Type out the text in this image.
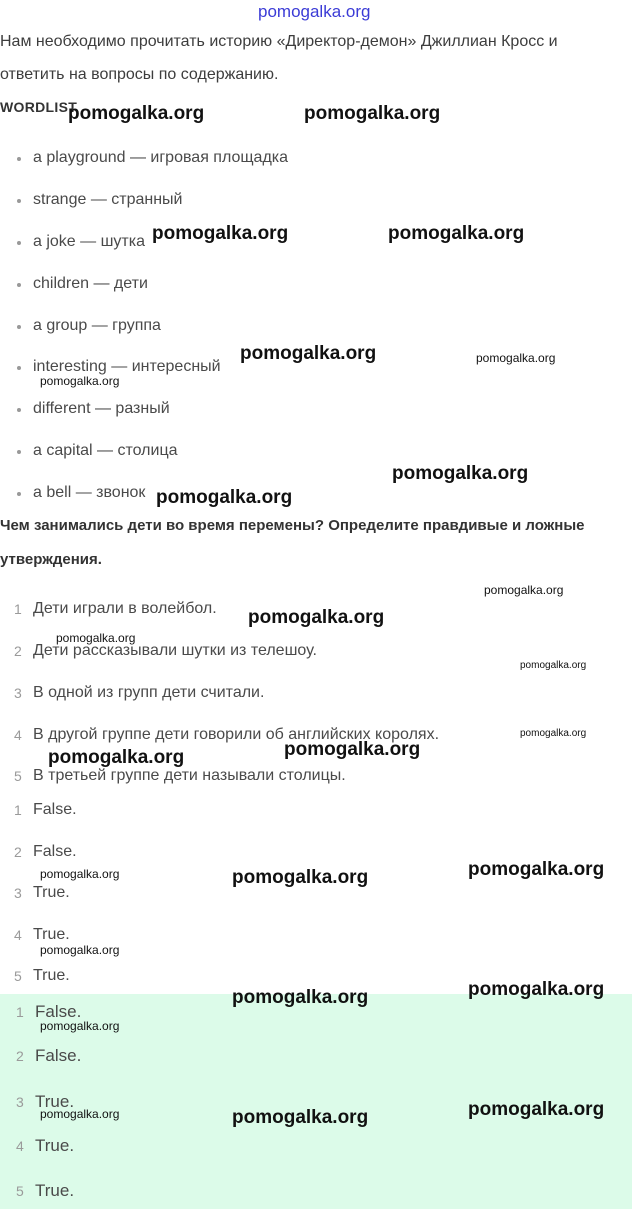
pomogalka.org
Нам необходимо прочитать историю «Директор-демон» Джиллиан Кросс и
ответить на вопросы по содержанию.
WORDLIST
a playground — игровая площадка
strange — странный
a joke — шутка
children — дети
a group — группа
interesting — интересный
different — разный
a capital — столица
a bell — звонок
Чем занимались дети во время перемены? Определите правдивые и ложные
утверждения.
1 Дети играли в волейбол.
2 Дети рассказывали шутки из телешоу.
3 В одной из групп дети считали.
4 В другой группе дети говорили об английских королях.
5 В третьей группе дети называли столицы.
1 False.
2 False.
3 True.
4 True.
5 True.
1 False.
2 False.
3 True.
4 True.
5 True.
pomogalka.org	pomogalka.org
pomogalka.org	pomogalka.org
pomogalka.org	pomogalka.org
pomogalka.org
pomogalka.org
pomogalka.org
pomogalka.org
pomogalka.org
pomogalka.org
pomogalka.org
pomogalka.org
pomogalka.org
pomogalka.org
pomogalka.org
pomogalka.org	pomogalka.org
pomogalka.org
pomogalka.org
pomogalka.org
pomogalka.org
pomogalka.org
pomogalka.org	pomogalka.org
